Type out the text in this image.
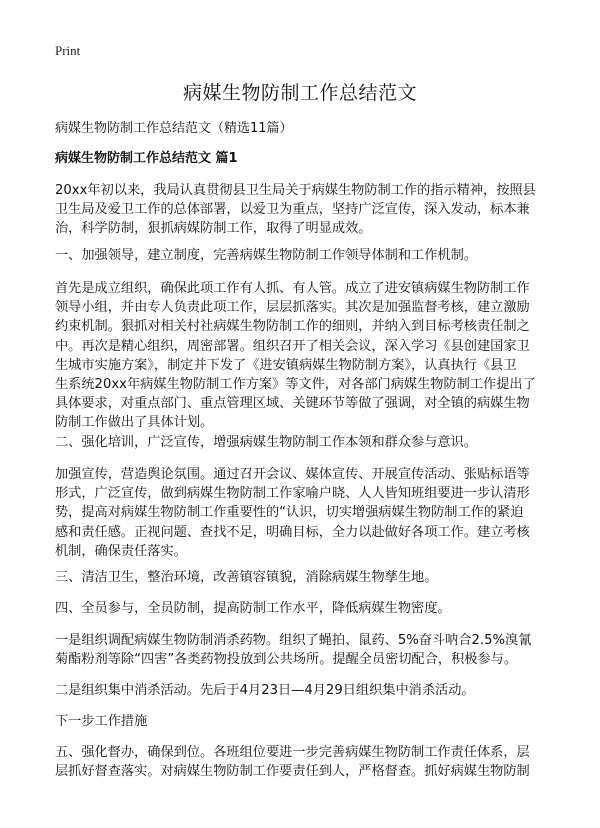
Print
病媒生物防制工作总结范文
病媒生物防制工作总结范文（精选11篇）
病媒生物防制工作总结范文 篇1
20xx年初以来，我局认真贯彻县卫生局关于病媒生物防制工作的指示精神，按照县
卫生局及爱卫工作的总体部署，以爱卫为重点，坚持广泛宣传，深入发动，标本兼
治，科学防制，狠抓病媒防制工作，取得了明显成效。
一、加强领导，建立制度，完善病媒生物防制工作领导体制和工作机制。
首先是成立组织，确保此项工作有人抓、有人管。成立了进安镇病媒生物防制工作
领导小组，并由专人负责此项工作，层层抓落实。其次是加强监督考核，建立激励
约束机制。狠抓对相关村社病媒生物防制工作的细则，并纳入到目标考核责任制之
中。再次是精心组织，周密部署。组织召开了相关会议，深入学习《县创建国家卫
生城市实施方案》，制定并下发了《进安镇病媒生物防制方案》，认真执行《县卫
生系统20xx年病媒生物防制工作方案》等文件，对各部门病媒生物防制工作提出了
具体要求，对重点部门、重点管理区域、关键环节等做了强调，对全镇的病媒生物
防制工作做出了具体计划。
二、强化培训，广泛宣传，增强病媒生物防制工作本领和群众参与意识。
加强宣传，营造舆论氛围。通过召开会议、媒体宣传、开展宣传活动、张贴标语等
形式，广泛宣传，做到病媒生物防制工作家喻户晓、人人皆知班组要进一步认清形
势，提高对病媒生物防制工作重要性的“认识，切实增强病媒生物防制工作的紧迫
感和责任感。正视问题、查找不足，明确目标，全力以赴做好各项工作。建立考核
机制，确保责任落实。
三、清洁卫生，整治环境，改善镇容镇貌，消除病媒生物孳生地。
四、全员参与，全员防制，提高防制工作水平，降低病媒生物密度。
一是组织调配病媒生物防制消杀药物。组织了蝇拍、鼠药、5%奋斗呐合2.5%溴氰
菊酯粉剂等除“四害”各类药物投放到公共场所。提醒全员密切配合，积极参与。
二是组织集中消杀活动。先后于4月23日—4月29日组织集中消杀活动。
下一步工作措施
五、强化督办，确保到位。各班组位要进一步完善病媒生物防制工作责任体系，层
层抓好督查落实。对病媒生物防制工作要责任到人，严格督查。抓好病媒生物防制
